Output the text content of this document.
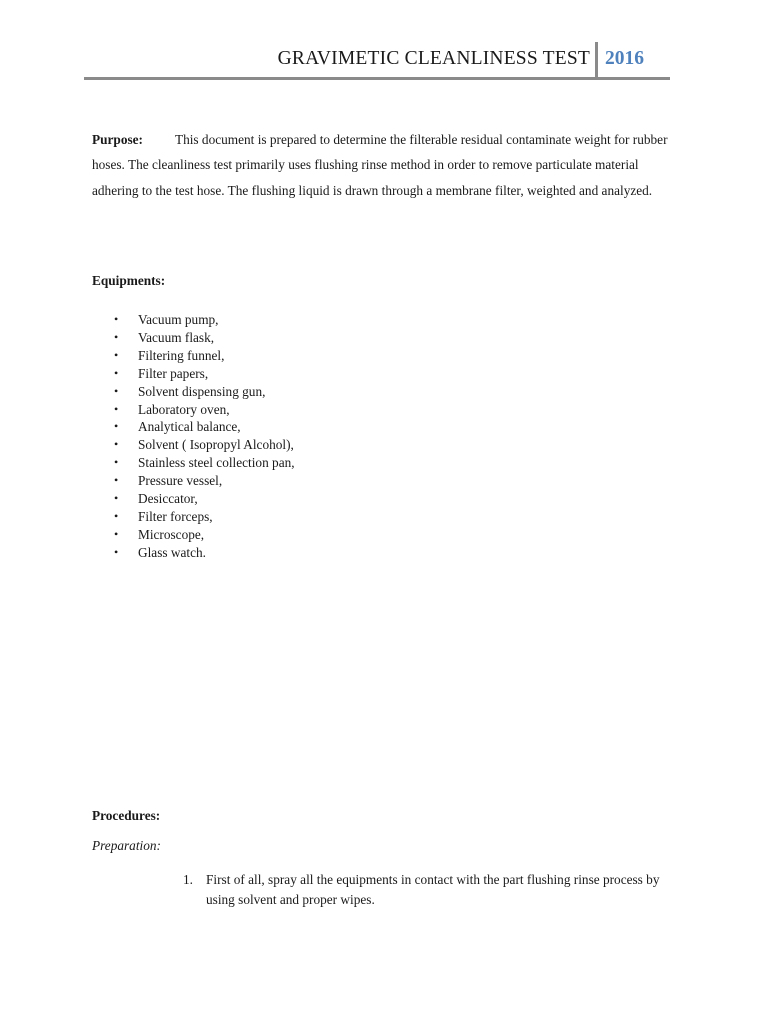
GRAVIMETIC CLEANLINESS TEST 2016
Purpose: This document is prepared to determine the filterable residual contaminate weight for rubber hoses. The cleanliness test primarily uses flushing rinse method in order to remove particulate material adhering to the test hose. The flushing liquid is drawn through a membrane filter, weighted and analyzed.
Equipments:
• Vacuum pump,
• Vacuum flask,
• Filtering funnel,
• Filter papers,
• Solvent dispensing gun,
• Laboratory oven,
• Analytical balance,
• Solvent ( Isopropyl Alcohol),
• Stainless steel collection pan,
• Pressure vessel,
• Desiccator,
• Filter forceps,
• Microscope,
• Glass watch.
Procedures:
Preparation:
1. First of all, spray all the equipments in contact with the part flushing rinse process by using solvent and proper wipes.
